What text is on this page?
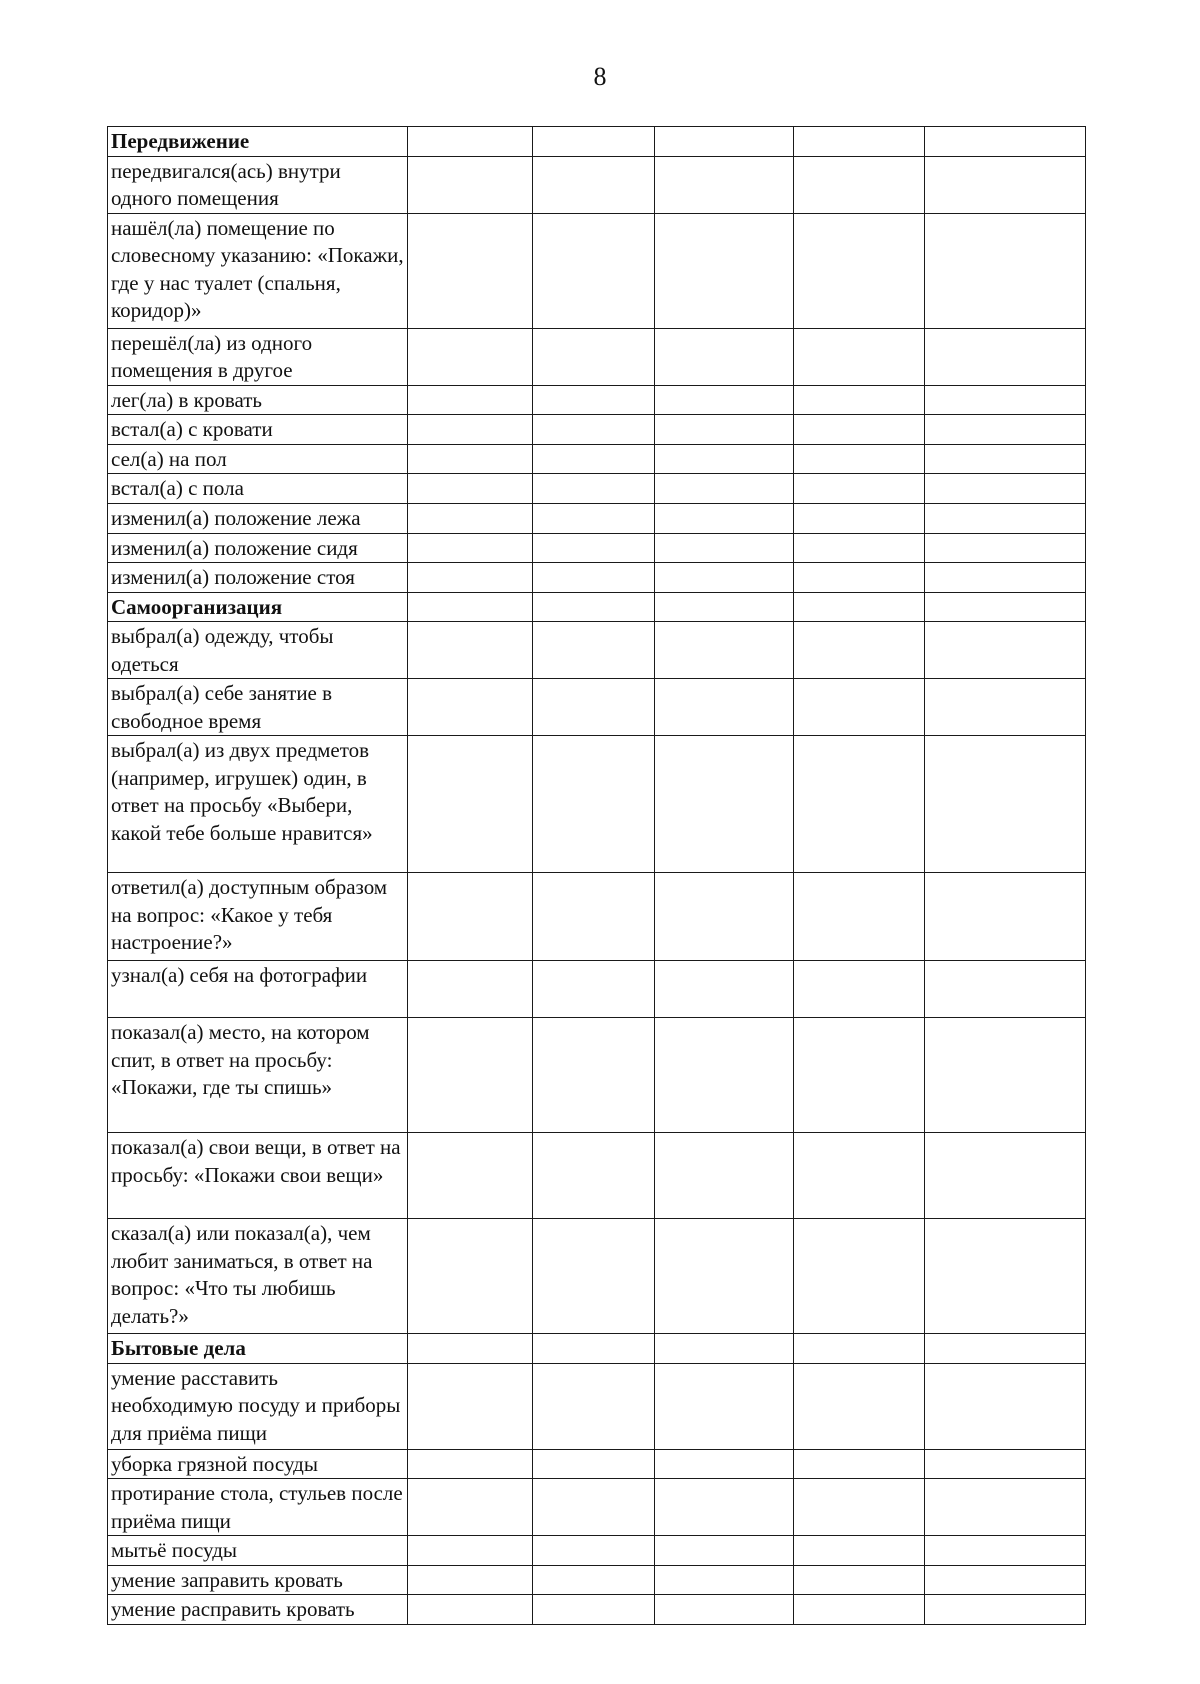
8
Передвижение					
передвигался(ась) внутри одного помещения					
нашёл(ла) помещение по словесному указанию: «Покажи, где у нас туалет (спальня, коридор)»					
перешёл(ла) из одного помещения в другое					
лег(ла) в кровать					
встал(а) с кровати					
сел(а) на пол					
встал(а) с пола					
изменил(а) положение лежа					
изменил(а) положение сидя					
изменил(а) положение стоя					
Самоорганизация					
выбрал(а) одежду, чтобы одеться					
выбрал(а) себе занятие в свободное время					
выбрал(а) из двух предметов (например, игрушек) один, в ответ на просьбу «Выбери, какой тебе больше нравится»					
ответил(а) доступным образом на вопрос: «Какое у тебя настроение?»					
узнал(а) себя на фотографии					
показал(а) место, на котором спит, в ответ на просьбу: «Покажи, где ты спишь»					
показал(а) свои вещи, в ответ на просьбу: «Покажи свои вещи»					
сказал(а) или показал(а), чем любит заниматься, в ответ на вопрос: «Что ты любишь делать?»					
Бытовые дела					
умение расставить необходимую посуду и приборы для приёма пищи					
уборка грязной посуды					
протирание стола, стульев после приёма пищи					
мытьё посуды					
умение заправить кровать					
умение расправить кровать					
